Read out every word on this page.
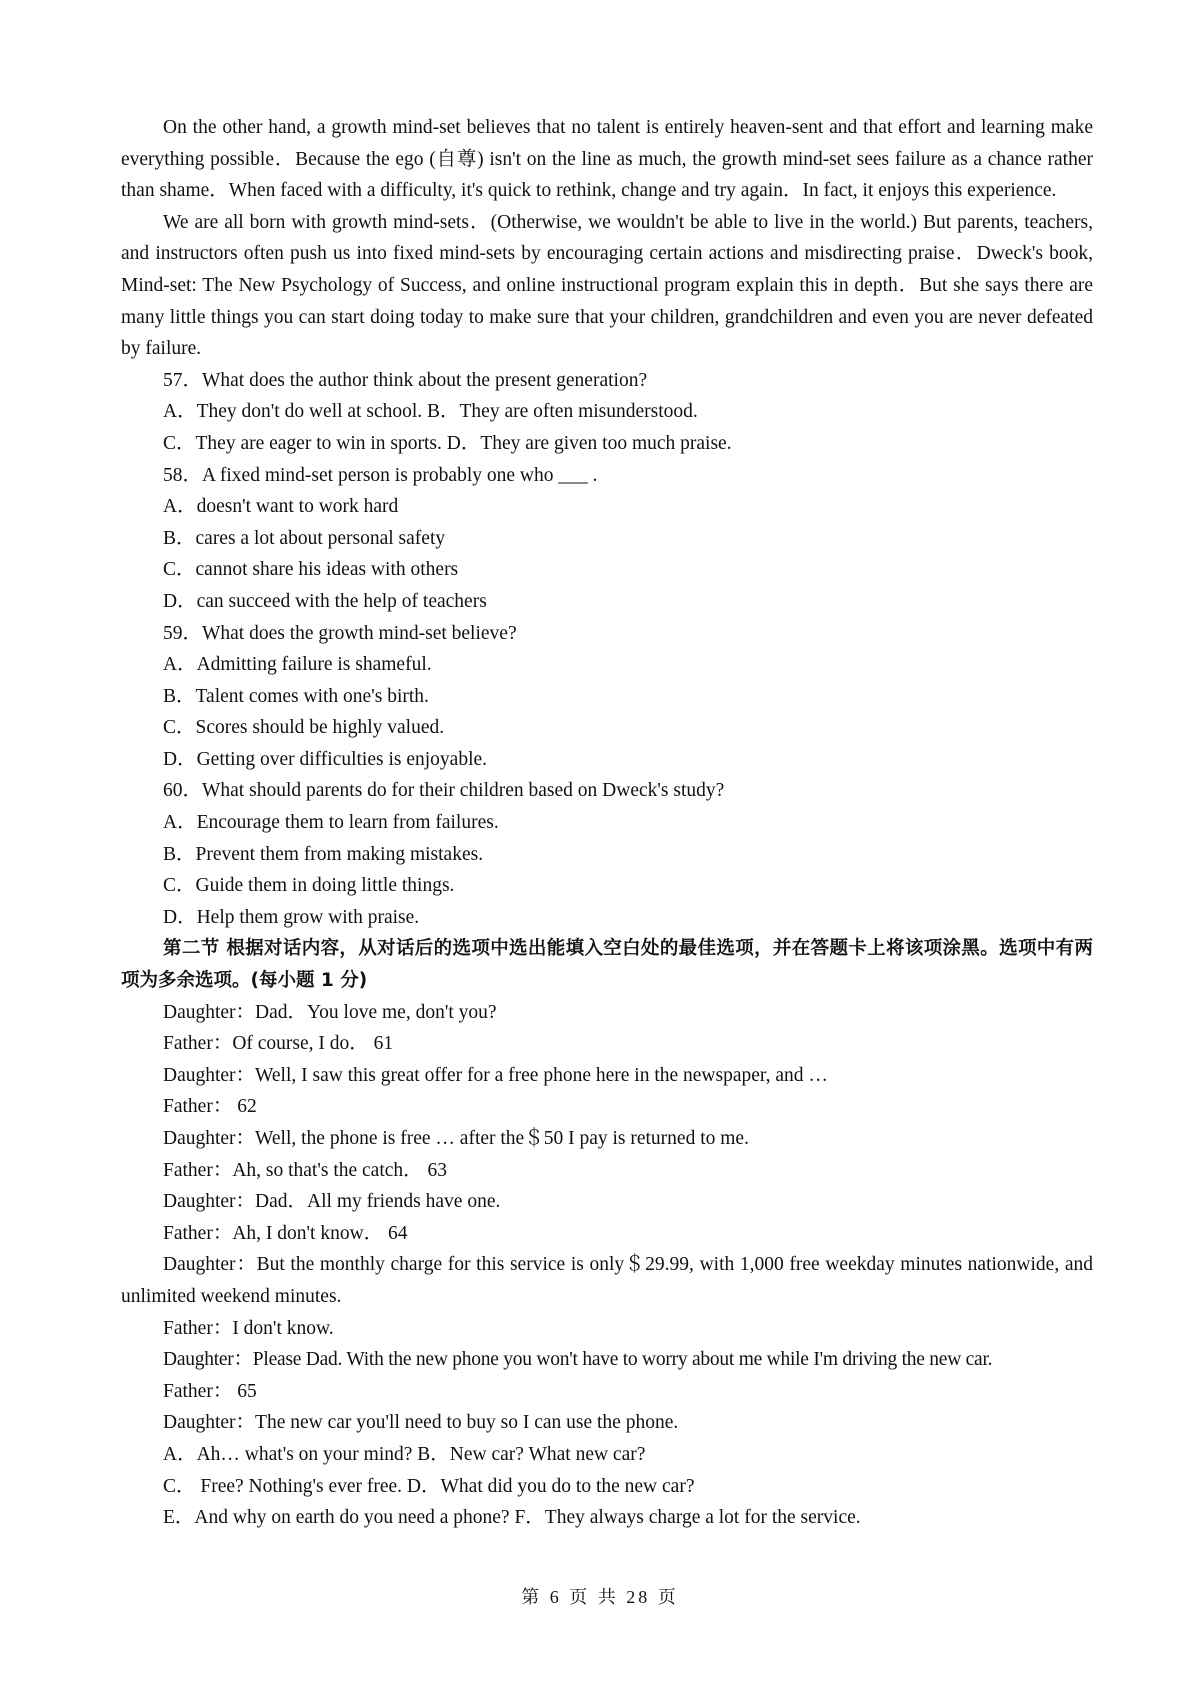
On the other hand, a growth mind-set believes that no talent is entirely heaven-sent and that effort and learning make everything possible．Because the ego (自尊) isn't on the line as much, the growth mind-set sees failure as a chance rather than shame．When faced with a difficulty, it's quick to rethink, change and try again．In fact, it enjoys this experience.

We are all born with growth mind-sets．(Otherwise, we wouldn't be able to live in the world.) But parents, teachers, and instructors often push us into fixed mind-sets by encouraging certain actions and misdirecting praise．Dweck's book, Mind-set: The New Psychology of Success, and online instructional program explain this in depth．But she says there are many little things you can start doing today to make sure that your children, grandchildren and even you are never defeated by failure.

57．What does the author think about the present generation?

A．They don't do well at school. B．They are often misunderstood.

C．They are eager to win in sports. D．They are given too much praise.

58．A fixed mind-set person is probably one who ___ .

A．doesn't want to work hard

B．cares a lot about personal safety

C．cannot share his ideas with others

D．can succeed with the help of teachers

59．What does the growth mind-set believe?

A．Admitting failure is shameful.

B．Talent comes with one's birth.

C．Scores should be highly valued.

D．Getting over difficulties is enjoyable.

60．What should parents do for their children based on Dweck's study?

A．Encourage them to learn from failures.

B．Prevent them from making mistakes.

C．Guide them in doing little things.

D．Help them grow with praise.

第二节 根据对话内容，从对话后的选项中选出能填入空白处的最佳选项，并在答题卡上将该项涂黑。选项中有两项为多余选项。(每小题 1 分)

Daughter：Dad．You love me, don't you?

Father：Of course, I do． 61

Daughter：Well, I saw this great offer for a free phone here in the newspaper, and …

Father： 62

Daughter：Well, the phone is free … after the＄50 I pay is returned to me.

Father：Ah, so that's the catch． 63

Daughter：Dad．All my friends have one.

Father：Ah, I don't know． 64

Daughter：But the monthly charge for this service is only＄29.99, with 1,000 free weekday minutes nationwide, and unlimited weekend minutes.

Father：I don't know.

Daughter：Please Dad. With the new phone you won't have to worry about me while I'm driving the new car.

Father： 65

Daughter：The new car you'll need to buy so I can use the phone.

A．Ah… what's on your mind? B．New car? What new car?

C． Free? Nothing's ever free. D．What did you do to the new car?

E．And why on earth do you need a phone? F．They always charge a lot for the service.

第 6 页 共 28 页
